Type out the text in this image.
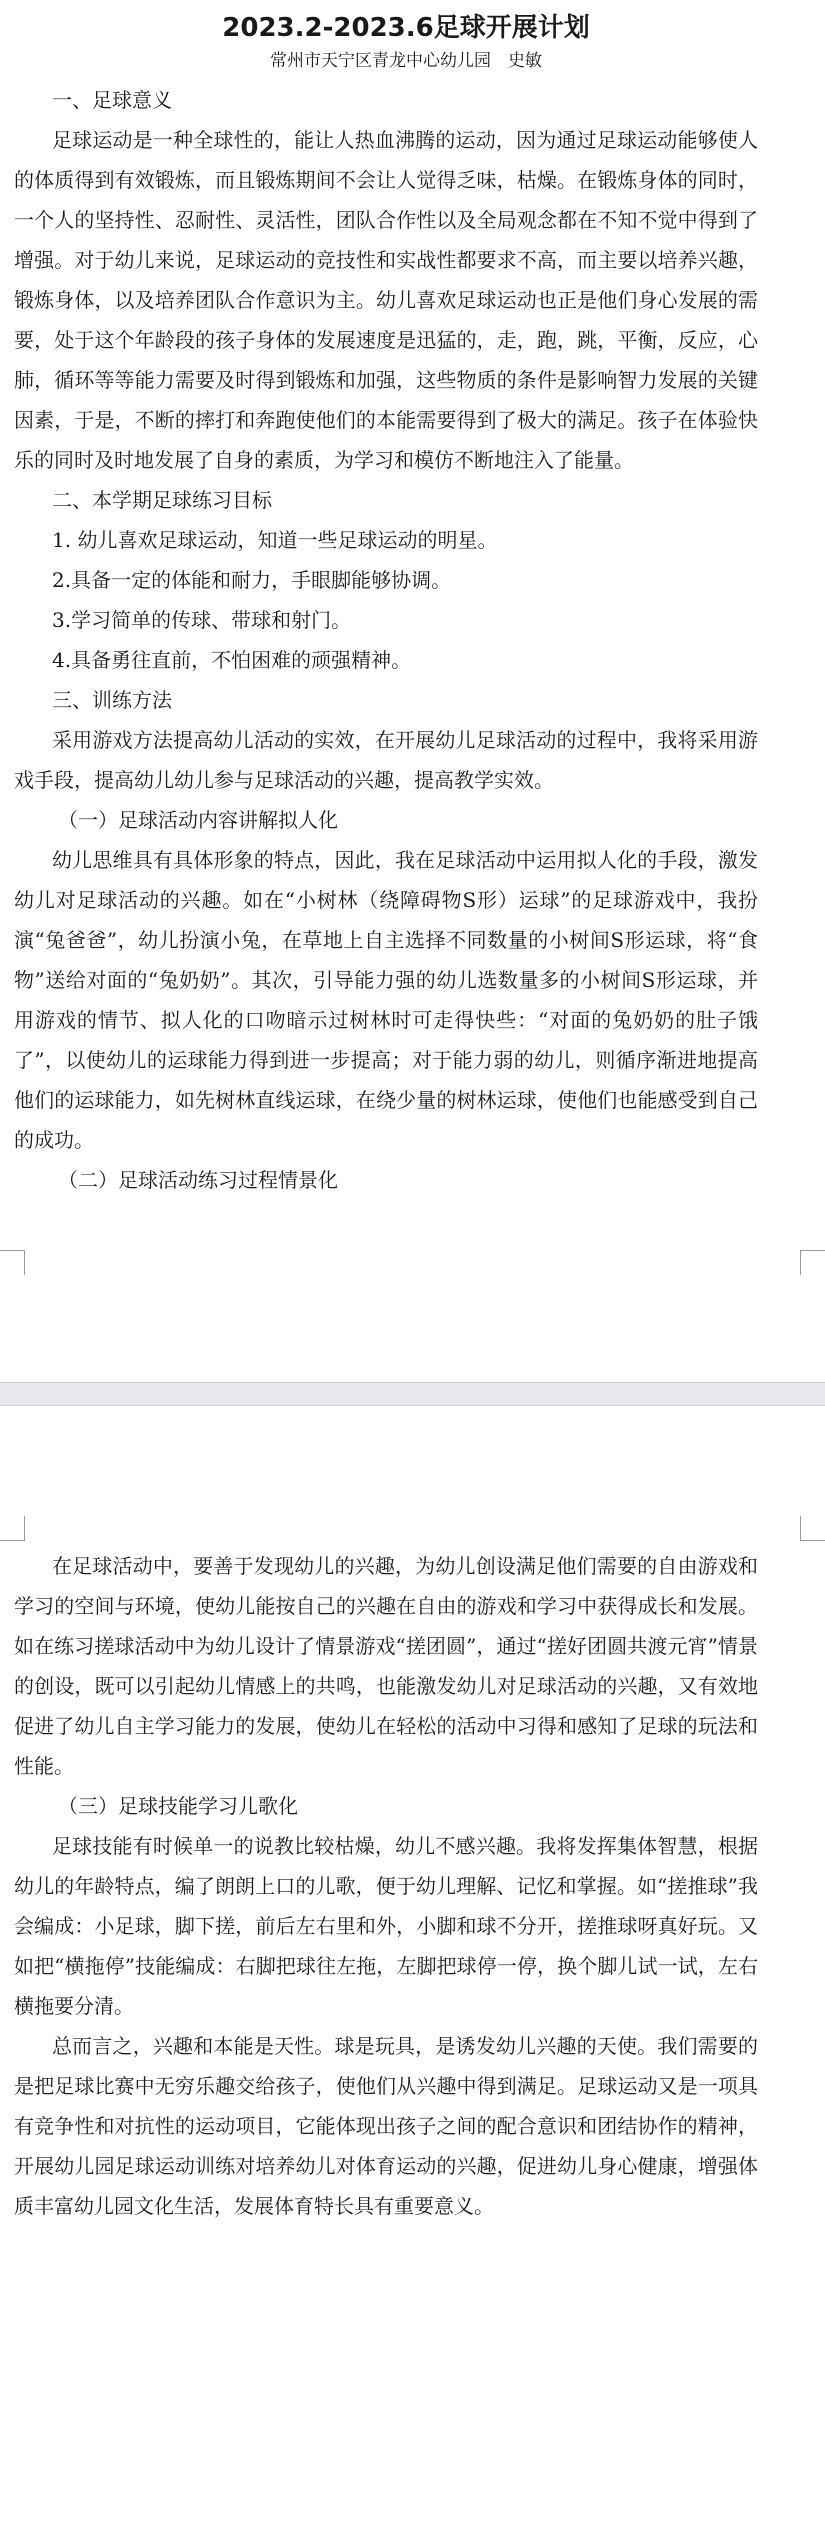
2023.2-2023.6足球开展计划

常州市天宁区青龙中心幼儿园　史敏

一、足球意义

足球运动是一种全球性的，能让人热血沸腾的运动，因为通过足球运动能够使人的体质得到有效锻炼，而且锻炼期间不会让人觉得乏味，枯燥。在锻炼身体的同时，一个人的坚持性、忍耐性、灵活性，团队合作性以及全局观念都在不知不觉中得到了增强。对于幼儿来说，足球运动的竞技性和实战性都要求不高，而主要以培养兴趣，锻炼身体，以及培养团队合作意识为主。幼儿喜欢足球运动也正是他们身心发展的需要，处于这个年龄段的孩子身体的发展速度是迅猛的，走，跑，跳，平衡，反应，心肺，循环等等能力需要及时得到锻炼和加强，这些物质的条件是影响智力发展的关键因素，于是，不断的摔打和奔跑使他们的本能需要得到了极大的满足。孩子在体验快乐的同时及时地发展了自身的素质，为学习和模仿不断地注入了能量。

二、本学期足球练习目标

1. 幼儿喜欢足球运动，知道一些足球运动的明星。

2.具备一定的体能和耐力，手眼脚能够协调。

3.学习简单的传球、带球和射门。

4.具备勇往直前，不怕困难的顽强精神。

三、训练方法

采用游戏方法提高幼儿活动的实效，在开展幼儿足球活动的过程中，我将采用游戏手段，提高幼儿幼儿参与足球活动的兴趣，提高教学实效。

（一）足球活动内容讲解拟人化

幼儿思维具有具体形象的特点，因此，我在足球活动中运用拟人化的手段，激发幼儿对足球活动的兴趣。如在“小树林（绕障碍物S形）运球”的足球游戏中，我扮演“兔爸爸”，幼儿扮演小兔，在草地上自主选择不同数量的小树间S形运球，将“食物”送给对面的“兔奶奶”。其次，引导能力强的幼儿选数量多的小树间S形运球，并用游戏的情节、拟人化的口吻暗示过树林时可走得快些：“对面的兔奶奶的肚子饿了”，以使幼儿的运球能力得到进一步提高；对于能力弱的幼儿，则循序渐进地提高他们的运球能力，如先树林直线运球，在绕少量的树林运球，使他们也能感受到自己的成功。

（二）足球活动练习过程情景化

在足球活动中，要善于发现幼儿的兴趣，为幼儿创设满足他们需要的自由游戏和学习的空间与环境，使幼儿能按自己的兴趣在自由的游戏和学习中获得成长和发展。如在练习搓球活动中为幼儿设计了情景游戏“搓团圆”，通过“搓好团圆共渡元宵”情景的创设，既可以引起幼儿情感上的共鸣，也能激发幼儿对足球活动的兴趣，又有效地促进了幼儿自主学习能力的发展，使幼儿在轻松的活动中习得和感知了足球的玩法和性能。

（三）足球技能学习儿歌化

足球技能有时候单一的说教比较枯燥，幼儿不感兴趣。我将发挥集体智慧，根据幼儿的年龄特点，编了朗朗上口的儿歌，便于幼儿理解、记忆和掌握。如“搓推球”我会编成：小足球，脚下搓，前后左右里和外，小脚和球不分开，搓推球呀真好玩。又如把“横拖停”技能编成：右脚把球往左拖，左脚把球停一停，换个脚儿试一试，左右横拖要分清。

总而言之，兴趣和本能是天性。球是玩具，是诱发幼儿兴趣的天使。我们需要的是把足球比赛中无穷乐趣交给孩子，使他们从兴趣中得到满足。足球运动又是一项具有竞争性和对抗性的运动项目，它能体现出孩子之间的配合意识和团结协作的精神，开展幼儿园足球运动训练对培养幼儿对体育运动的兴趣，促进幼儿身心健康，增强体质丰富幼儿园文化生活，发展体育特长具有重要意义。
